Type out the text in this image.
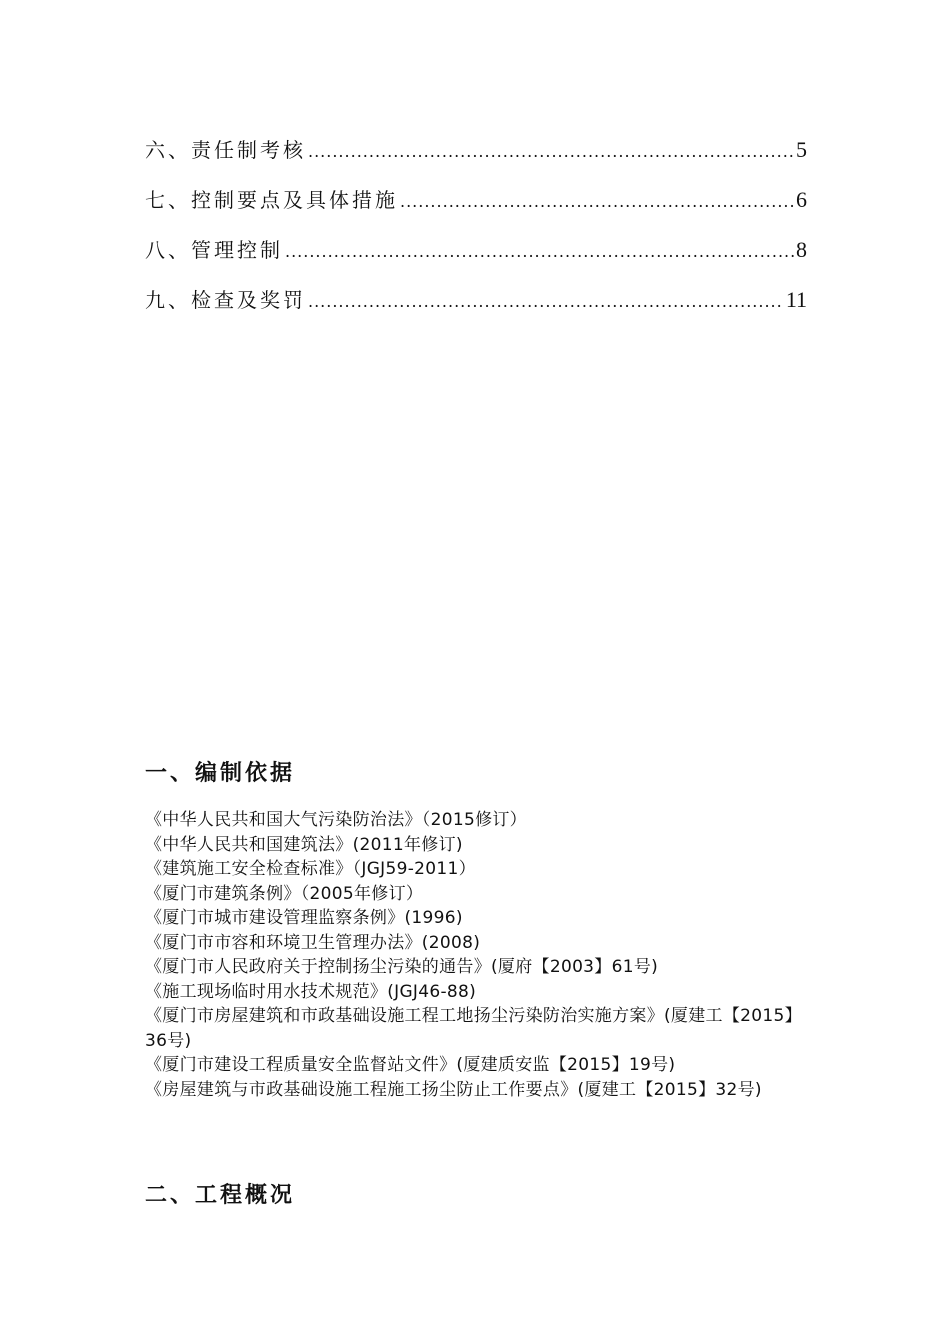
六、责任制考核 .....	5
七、控制要点及具体措施 .....	6
八、管理控制 .....	8
九、检查及奖罚 .....	11
一、编制依据

《中华人民共和国大气污染防治法》（2015修订）

《中华人民共和国建筑法》(2011年修订)

《建筑施工安全检查标准》（JGJ59-2011）

《厦门市建筑条例》（2005年修订）

《厦门市城市建设管理监察条例》(1996)

《厦门市市容和环境卫生管理办法》(2008)

《厦门市人民政府关于控制扬尘污染的通告》(厦府【2003】61号)

《施工现场临时用水技术规范》(JGJ46-88)

《厦门市房屋建筑和市政基础设施工程工地扬尘污染防治实施方案》(厦建工【2015】36号)

《厦门市建设工程质量安全监督站文件》(厦建质安监【2015】19号)

《房屋建筑与市政基础设施工程施工扬尘防止工作要点》(厦建工【2015】32号)

二、工程概况
